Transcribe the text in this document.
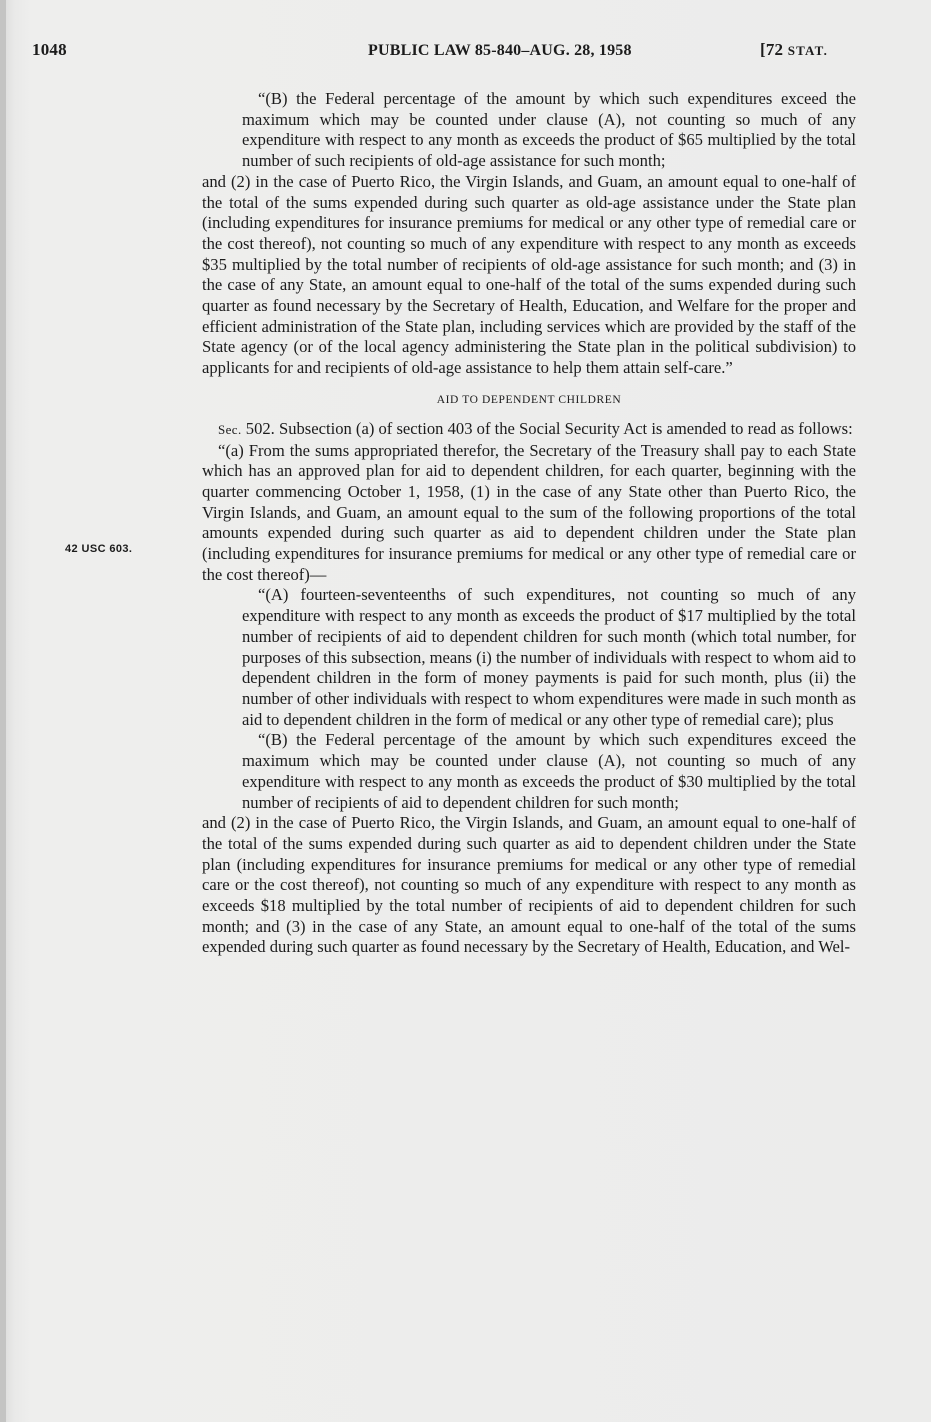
1048	PUBLIC LAW 85-840–AUG. 28, 1958	[72 STAT.
42 USC 603.

“(B) the Federal percentage of the amount by which such expenditures exceed the maximum which may be counted under clause (A), not counting so much of any expenditure with respect to any month as exceeds the product of $65 multiplied by the total number of such recipients of old-age assistance for such month;

and (2) in the case of Puerto Rico, the Virgin Islands, and Guam, an amount equal to one-half of the total of the sums expended during such quarter as old-age assistance under the State plan (including expenditures for insurance premiums for medical or any other type of remedial care or the cost thereof), not counting so much of any expenditure with respect to any month as exceeds $35 multiplied by the total number of recipients of old-age assistance for such month; and (3) in the case of any State, an amount equal to one-half of the total of the sums expended during such quarter as found necessary by the Secretary of Health, Education, and Welfare for the proper and efficient administration of the State plan, including services which are provided by the staff of the State agency (or of the local agency administering the State plan in the political subdivision) to applicants for and recipients of old-age assistance to help them attain self-care.”

AID TO DEPENDENT CHILDREN

Sec. 502. Subsection (a) of section 403 of the Social Security Act is amended to read as follows:

“(a) From the sums appropriated therefor, the Secretary of the Treasury shall pay to each State which has an approved plan for aid to dependent children, for each quarter, beginning with the quarter commencing October 1, 1958, (1) in the case of any State other than Puerto Rico, the Virgin Islands, and Guam, an amount equal to the sum of the following proportions of the total amounts expended during such quarter as aid to dependent children under the State plan (including expenditures for insurance premiums for medical or any other type of remedial care or the cost thereof)—

“(A) fourteen-seventeenths of such expenditures, not counting so much of any expenditure with respect to any month as exceeds the product of $17 multiplied by the total number of recipients of aid to dependent children for such month (which total number, for purposes of this subsection, means (i) the number of individuals with respect to whom aid to dependent children in the form of money payments is paid for such month, plus (ii) the number of other individuals with respect to whom expenditures were made in such month as aid to dependent children in the form of medical or any other type of remedial care); plus

“(B) the Federal percentage of the amount by which such expenditures exceed the maximum which may be counted under clause (A), not counting so much of any expenditure with respect to any month as exceeds the product of $30 multiplied by the total number of recipients of aid to dependent children for such month;

and (2) in the case of Puerto Rico, the Virgin Islands, and Guam, an amount equal to one-half of the total of the sums expended during such quarter as aid to dependent children under the State plan (including expenditures for insurance premiums for medical or any other type of remedial care or the cost thereof), not counting so much of any expenditure with respect to any month as exceeds $18 multiplied by the total number of recipients of aid to dependent children for such month; and (3) in the case of any State, an amount equal to one-half of the total of the sums expended during such quarter as found necessary by the Secretary of Health, Education, and Wel-
